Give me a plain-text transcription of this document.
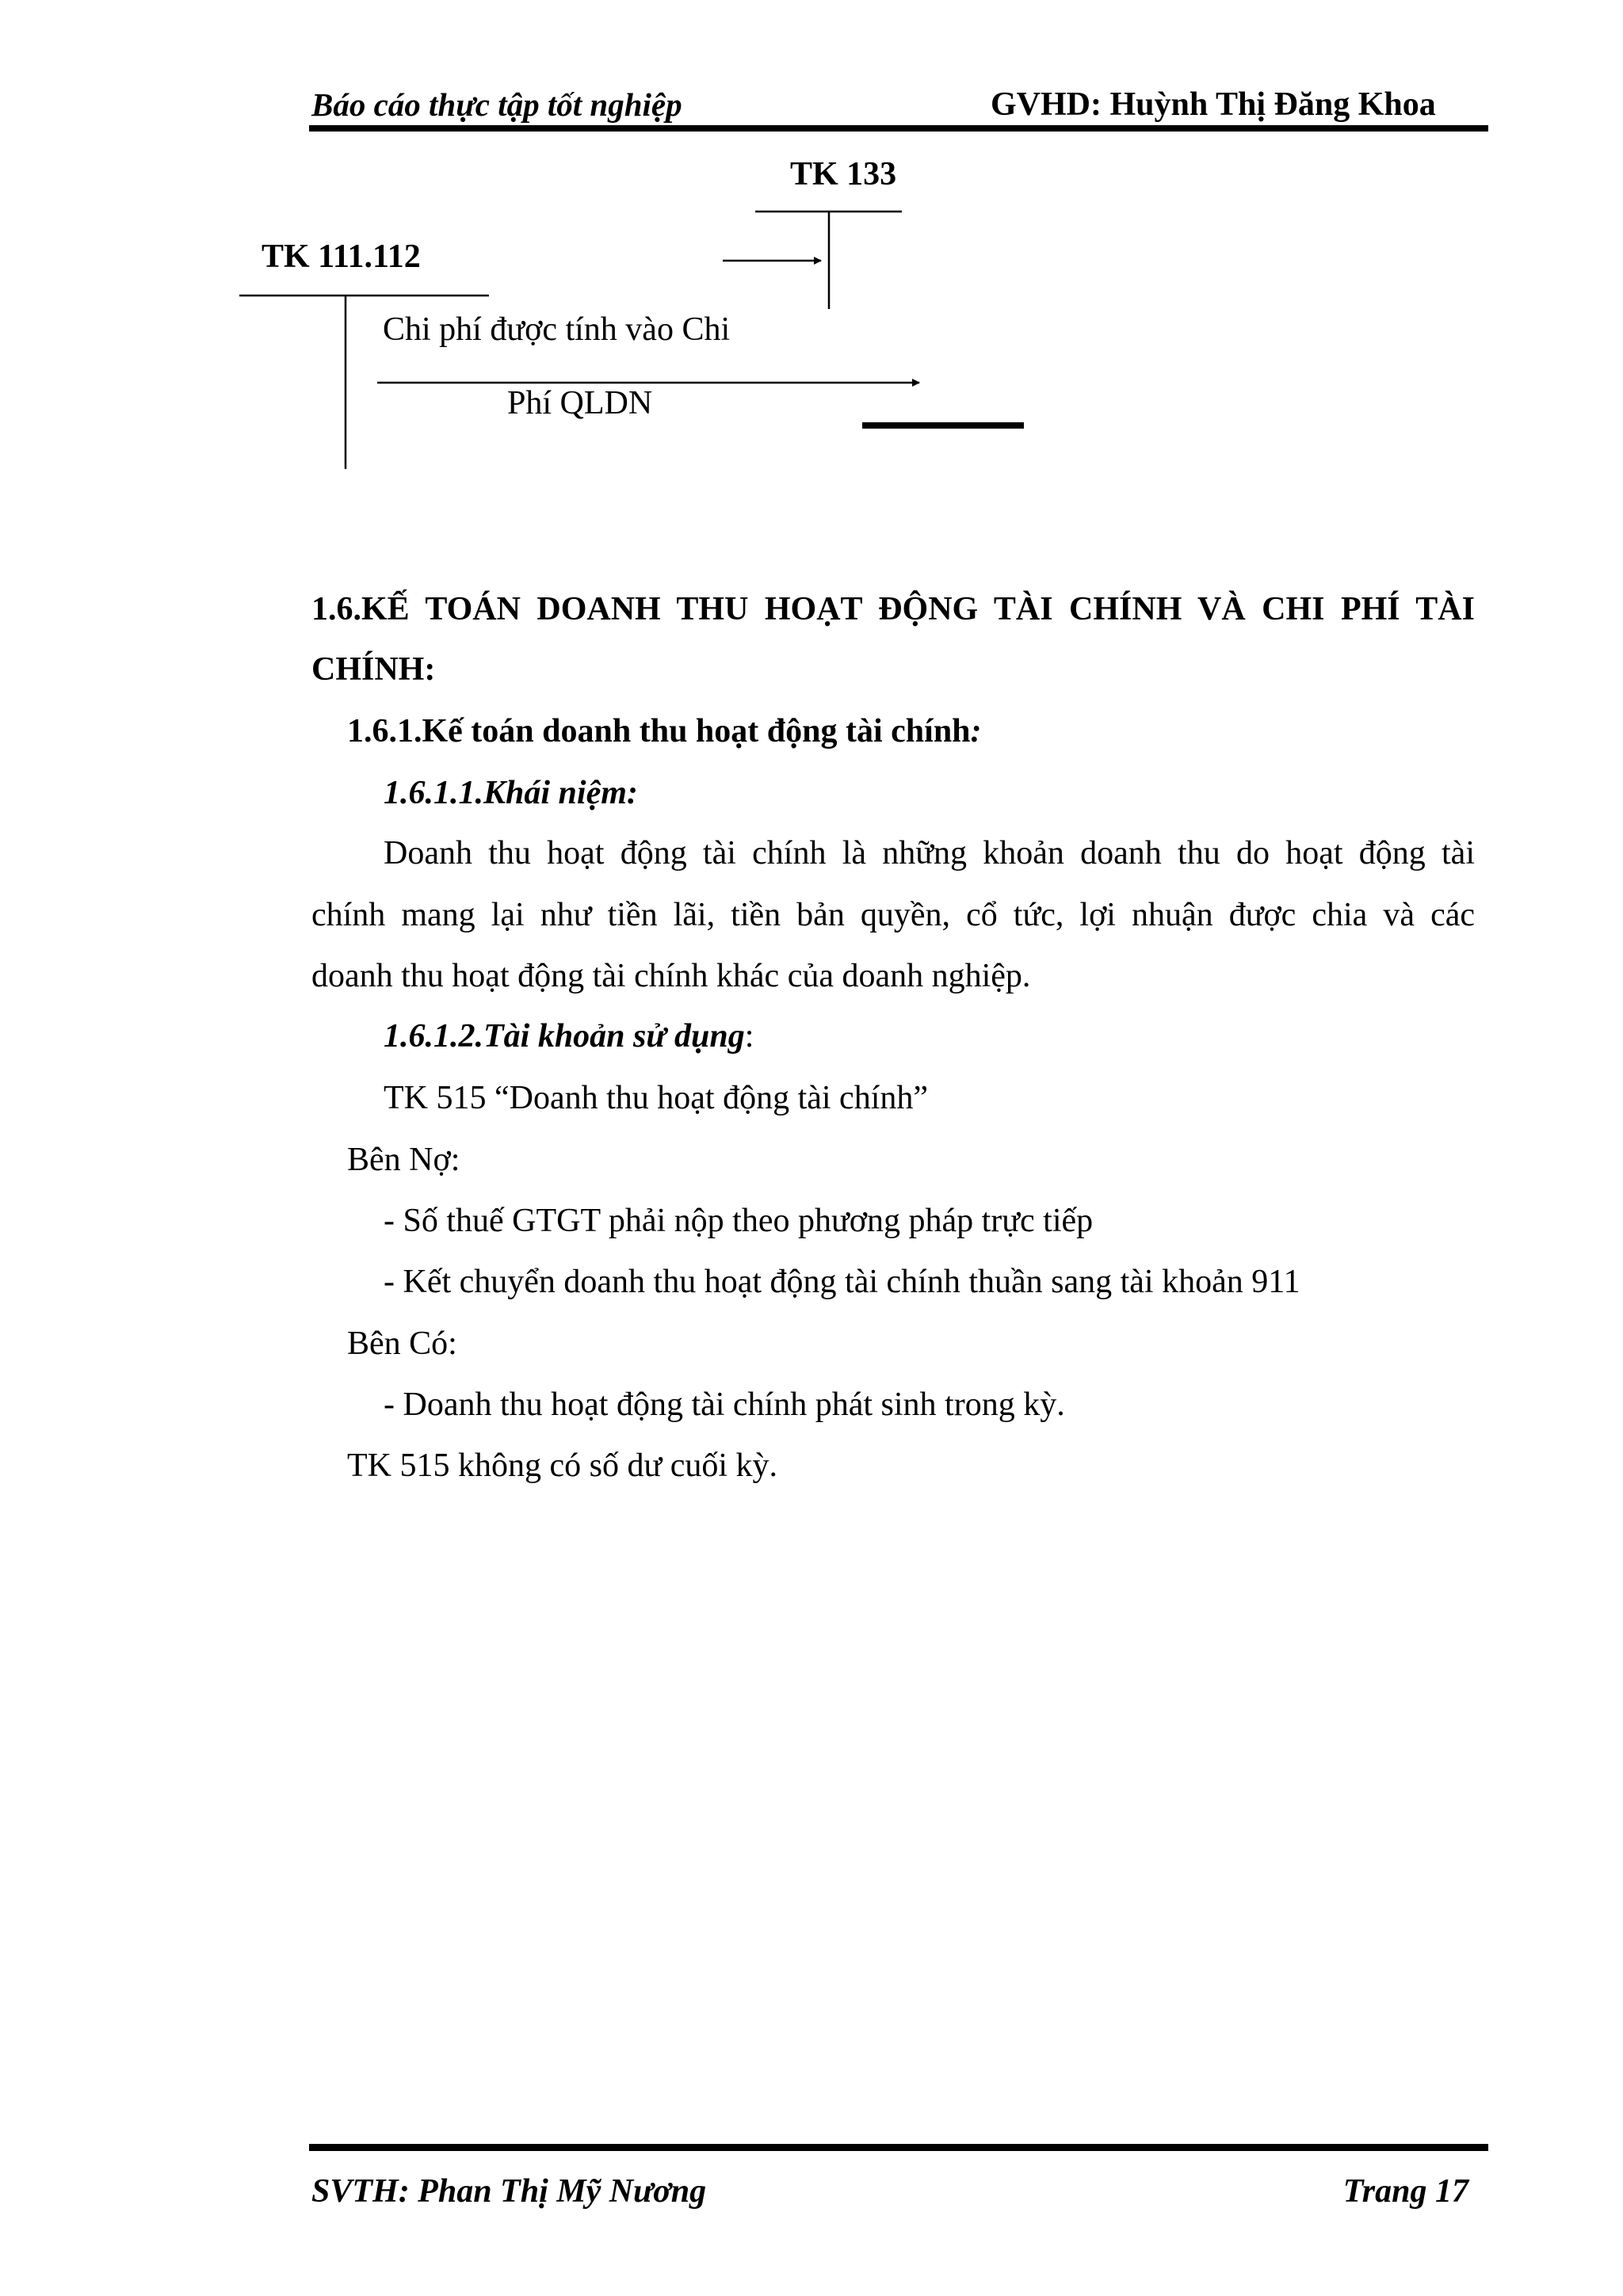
Báo cáo thực tập tốt nghiệp	GVHD: Huỳnh Thị Đăng Khoa
TK 133
TK 111.112
Chi phí được tính vào Chi
Phí QLDN
1.6.KẾ TOÁN DOANH THU HOẠT ĐỘNG TÀI CHÍNH VÀ CHI PHÍ TÀI
CHÍNH:
1.6.1.Kế toán doanh thu hoạt động tài chính:
1.6.1.1.Khái niệm:
Doanh thu hoạt động tài chính là những khoản doanh thu do hoạt động tài
chính mang lại như tiền lãi, tiền bản quyền, cổ tức, lợi nhuận được chia và các
doanh thu hoạt động tài chính khác của doanh nghiệp.
1.6.1.2.Tài khoản sử dụng:
TK 515 “Doanh thu hoạt động tài chính”
Bên Nợ:
- Số thuế GTGT phải nộp theo phương pháp trực tiếp
- Kết chuyển doanh thu hoạt động tài chính thuần sang tài khoản 911
Bên Có:
- Doanh thu hoạt động tài chính phát sinh trong kỳ.
TK 515 không có số dư cuối kỳ.
SVTH: Phan Thị Mỹ Nương	Trang 17
